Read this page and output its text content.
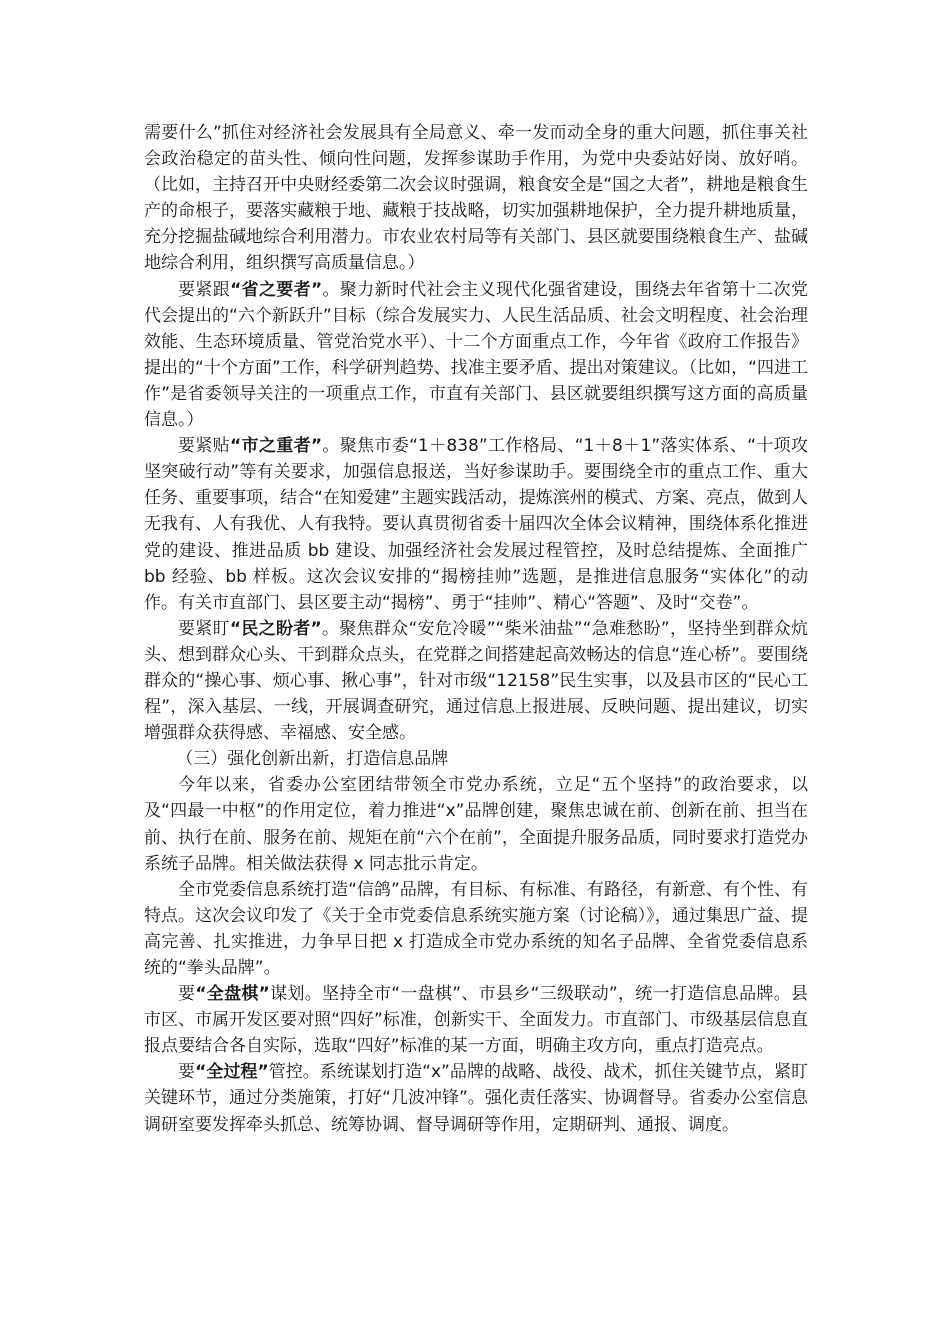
需要什么”抓住对经济社会发展具有全局意义、牵一发而动全身的重大问题，抓住事关社会政治稳定的苗头性、倾向性问题，发挥参谋助手作用，为党中央委站好岗、放好哨。（比如，主持召开中央财经委第二次会议时强调，粮食安全是“国之大者”，耕地是粮食生产的命根子，要落实藏粮于地、藏粮于技战略，切实加强耕地保护，全力提升耕地质量，充分挖掘盐碱地综合利用潜力。市农业农村局等有关部门、县区就要围绕粮食生产、盐碱地综合利用，组织撰写高质量信息。）

要紧跟“省之要者”。聚力新时代社会主义现代化强省建设，围绕去年省第十二次党代会提出的“六个新跃升”目标（综合发展实力、人民生活品质、社会文明程度、社会治理效能、生态环境质量、管党治党水平）、十二个方面重点工作，今年省《政府工作报告》提出的“十个方面”工作，科学研判趋势、找准主要矛盾、提出对策建议。（比如，“四进工作”是省委领导关注的一项重点工作，市直有关部门、县区就要组织撰写这方面的高质量信息。）

要紧贴“市之重者”。聚焦市委“1＋838”工作格局、“1＋8＋1”落实体系、“十项攻坚突破行动”等有关要求，加强信息报送，当好参谋助手。要围绕全市的重点工作、重大任务、重要事项，结合“在知爱建”主题实践活动，提炼滨州的模式、方案、亮点，做到人无我有、人有我优、人有我特。要认真贯彻省委十届四次全体会议精神，围绕体系化推进党的建设、推进品质 bb 建设、加强经济社会发展过程管控，及时总结提炼、全面推广 bb 经验、bb 样板。这次会议安排的“揭榜挂帅”选题，是推进信息服务“实体化”的动作。有关市直部门、县区要主动“揭榜”、勇于“挂帅”、精心“答题”、及时“交卷”。

要紧盯“民之盼者”。聚焦群众“安危冷暖”“柴米油盐”“急难愁盼”，坚持坐到群众炕头、想到群众心头、干到群众点头，在党群之间搭建起高效畅达的信息“连心桥”。要围绕群众的“操心事、烦心事、揪心事”，针对市级“12158”民生实事，以及县市区的“民心工程”，深入基层、一线，开展调查研究，通过信息上报进展、反映问题、提出建议，切实增强群众获得感、幸福感、安全感。

（三）强化创新出新，打造信息品牌

今年以来，省委办公室团结带领全市党办系统，立足“五个坚持”的政治要求，以及“四最一中枢”的作用定位，着力推进“x”品牌创建，聚焦忠诚在前、创新在前、担当在前、执行在前、服务在前、规矩在前“六个在前”，全面提升服务品质，同时要求打造党办系统子品牌。相关做法获得 x 同志批示肯定。

全市党委信息系统打造“信鸽”品牌，有目标、有标准、有路径，有新意、有个性、有特点。这次会议印发了《关于全市党委信息系统实施方案（讨论稿）》，通过集思广益、提高完善、扎实推进，力争早日把 x 打造成全市党办系统的知名子品牌、全省党委信息系统的“拳头品牌”。

要“全盘棋”谋划。坚持全市“一盘棋”、市县乡“三级联动”，统一打造信息品牌。县市区、市属开发区要对照“四好”标准，创新实干、全面发力。市直部门、市级基层信息直报点要结合各自实际，选取“四好”标准的某一方面，明确主攻方向，重点打造亮点。

要“全过程”管控。系统谋划打造“x”品牌的战略、战役、战术，抓住关键节点，紧盯关键环节，通过分类施策，打好“几波冲锋”。强化责任落实、协调督导。省委办公室信息调研室要发挥牵头抓总、统筹协调、督导调研等作用，定期研判、通报、调度。
